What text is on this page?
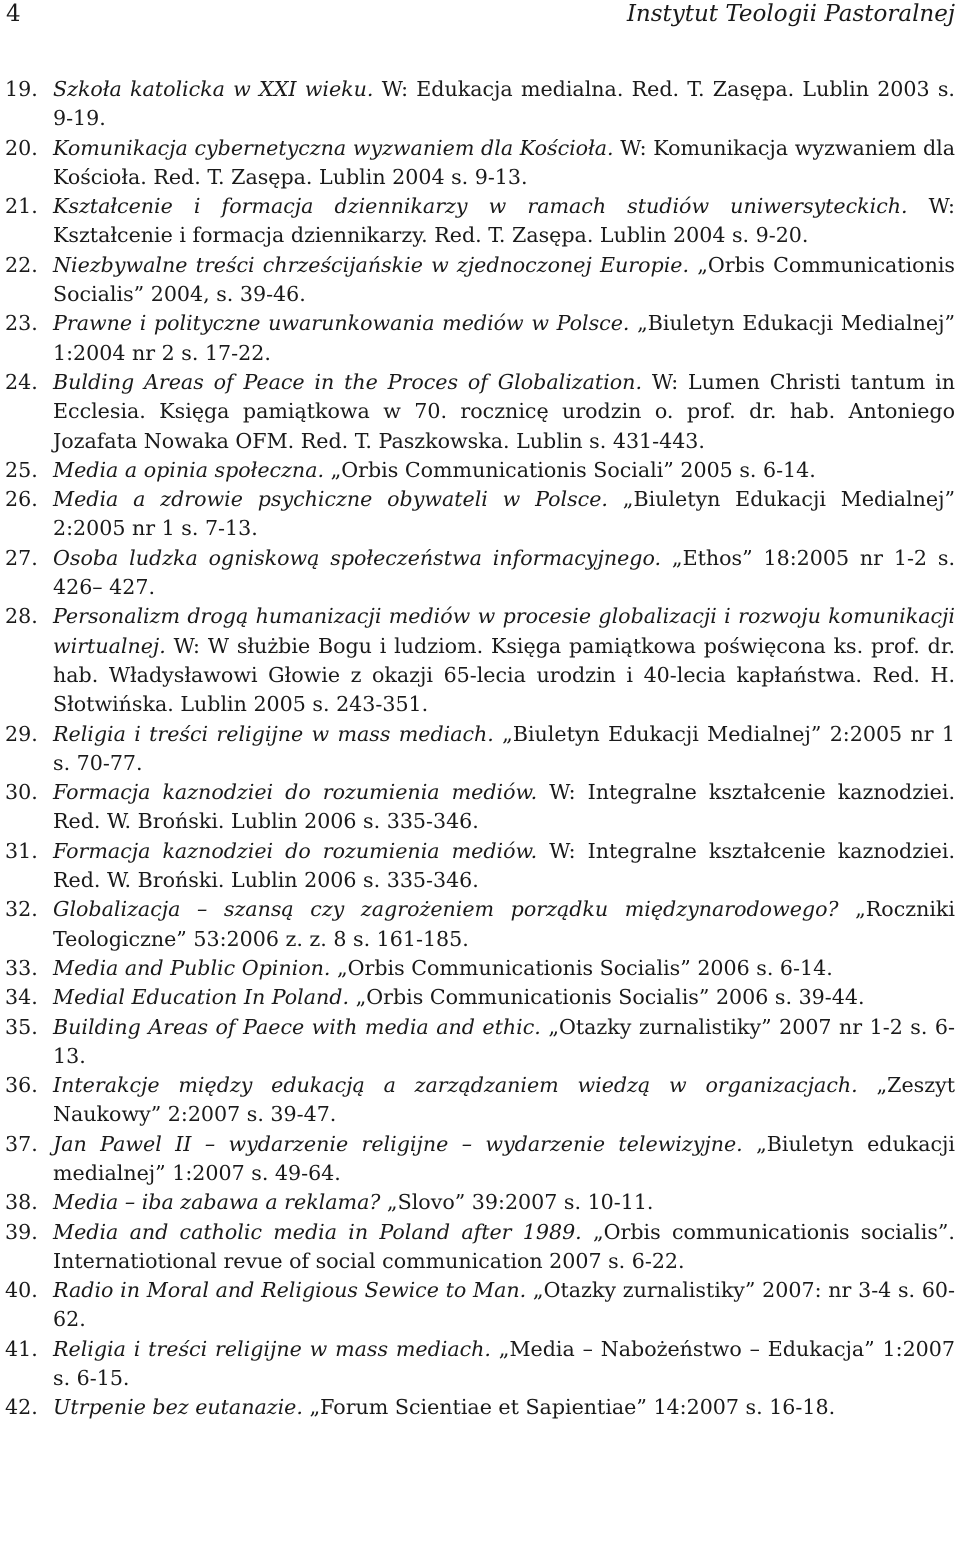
4	Instytut Teologii Pastoralnej
19. Szkoła katolicka w XXI wieku. W: Edukacja medialna. Red. T. Zasępa. Lublin 2003 s. 9-19.
20. Komunikacja cybernetyczna wyzwaniem dla Kościoła. W: Komunikacja wyzwaniem dla Kościoła. Red. T. Zasępa. Lublin 2004 s. 9-13.
21. Kształcenie i formacja dziennikarzy w ramach studiów uniwersyteckich. W: Kształcenie i formacja dziennikarzy. Red. T. Zasępa. Lublin 2004 s. 9-20.
22. Niezbywalne treści chrześcijańskie w zjednoczonej Europie. „Orbis Communicationis Socialis” 2004, s. 39-46.
23. Prawne i polityczne uwarunkowania mediów w Polsce. „Biuletyn Edukacji Medialnej” 1:2004 nr 2 s. 17-22.
24. Bulding Areas of Peace in the Proces of Globalization. W: Lumen Christi tantum in Ecclesia. Księga pamiątkowa w 70. rocznicę urodzin o. prof. dr. hab. Antoniego Jozafata Nowaka OFM. Red. T. Paszkowska. Lublin s. 431-443.
25. Media a opinia społeczna. „Orbis Communicationis Sociali” 2005 s. 6-14.
26. Media a zdrowie psychiczne obywateli w Polsce. „Biuletyn Edukacji Medialnej” 2:2005 nr 1 s. 7-13.
27. Osoba ludzka ogniskową społeczeństwa informacyjnego. „Ethos” 18:2005 nr 1-2 s. 426– 427.
28. Personalizm drogą humanizacji mediów w procesie globalizacji i rozwoju komunikacji wirtualnej. W: W służbie Bogu i ludziom. Księga pamiątkowa poświęcona ks. prof. dr. hab. Władysławowi Głowie z okazji 65-lecia urodzin i 40-lecia kapłaństwa. Red. H. Słotwińska. Lublin 2005 s. 243-351.
29. Religia i treści religijne w mass mediach. „Biuletyn Edukacji Medialnej” 2:2005 nr 1 s. 70-77.
30. Formacja kaznodziei do rozumienia mediów. W: Integralne kształcenie kaznodziei. Red. W. Broński. Lublin 2006 s. 335-346.
31. Formacja kaznodziei do rozumienia mediów. W: Integralne kształcenie kaznodziei. Red. W. Broński. Lublin 2006 s. 335-346.
32. Globalizacja – szansą czy zagrożeniem porządku międzynarodowego? „Roczniki Teologiczne” 53:2006 z. z. 8 s. 161-185.
33. Media and Public Opinion. „Orbis Communicationis Socialis” 2006 s. 6-14.
34. Medial Education In Poland. „Orbis Communicationis Socialis” 2006 s. 39-44.
35. Building Areas of Paece with media and ethic. „Otazky zurnalistiky” 2007 nr 1-2 s. 6-13.
36. Interakcje między edukacją a zarządzaniem wiedzą w organizacjach. „Zeszyt Naukowy” 2:2007 s. 39-47.
37. Jan Pawel II – wydarzenie religijne – wydarzenie telewizyjne. „Biuletyn edukacji medialnej” 1:2007 s. 49-64.
38. Media – iba zabawa a reklama? „Slovo” 39:2007 s. 10-11.
39. Media and catholic media in Poland after 1989. „Orbis communicationis socialis”. Internatiotional revue of social communication 2007 s. 6-22.
40. Radio in Moral and Religious Sewice to Man. „Otazky zurnalistiky” 2007: nr 3-4 s. 60-62.
41. Religia i treści religijne w mass mediach. „Media – Nabożeństwo – Edukacja” 1:2007 s. 6-15.
42. Utrpenie bez eutanazie. „Forum Scientiae et Sapientiae” 14:2007 s. 16-18.
